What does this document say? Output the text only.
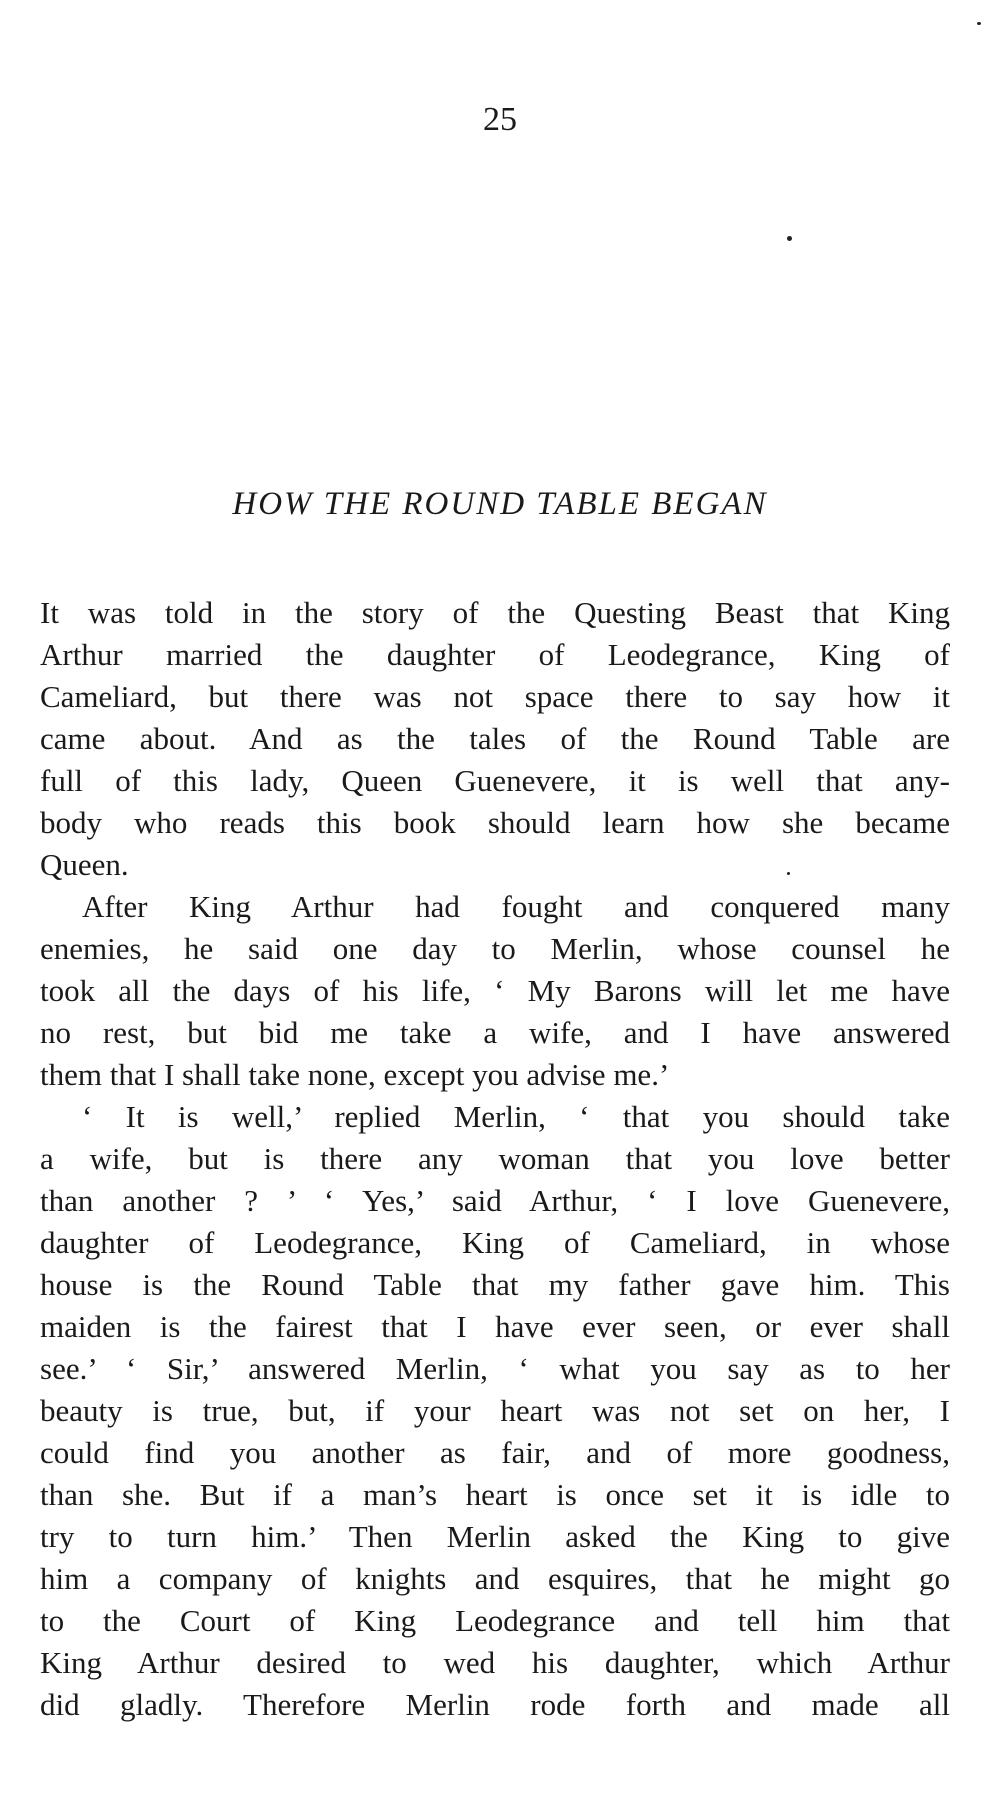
25
HOW THE ROUND TABLE BEGAN
It was told in the story of the Questing Beast that King
Arthur married the daughter of Leodegrance, King of
Cameliard, but there was not space there to say how it
came about. And as the tales of the Round Table are
full of this lady, Queen Guenevere, it is well that any-
body who reads this book should learn how she became
Queen.
After King Arthur had fought and conquered many
enemies, he said one day to Merlin, whose counsel he
took all the days of his life, ‘ My Barons will let me have
no rest, but bid me take a wife, and I have answered
them that I shall take none, except you advise me.’
‘ It is well,’ replied Merlin, ‘ that you should take
a wife, but is there any woman that you love better
than another ? ’ ‘ Yes,’ said Arthur, ‘ I love Guenevere,
daughter of Leodegrance, King of Cameliard, in whose
house is the Round Table that my father gave him. This
maiden is the fairest that I have ever seen, or ever shall
see.’ ‘ Sir,’ answered Merlin, ‘ what you say as to her
beauty is true, but, if your heart was not set on her, I
could find you another as fair, and of more goodness,
than she. But if a man’s heart is once set it is idle to
try to turn him.’ Then Merlin asked the King to give
him a company of knights and esquires, that he might go
to the Court of King Leodegrance and tell him that
King Arthur desired to wed his daughter, which Arthur
did gladly. Therefore Merlin rode forth and made all
